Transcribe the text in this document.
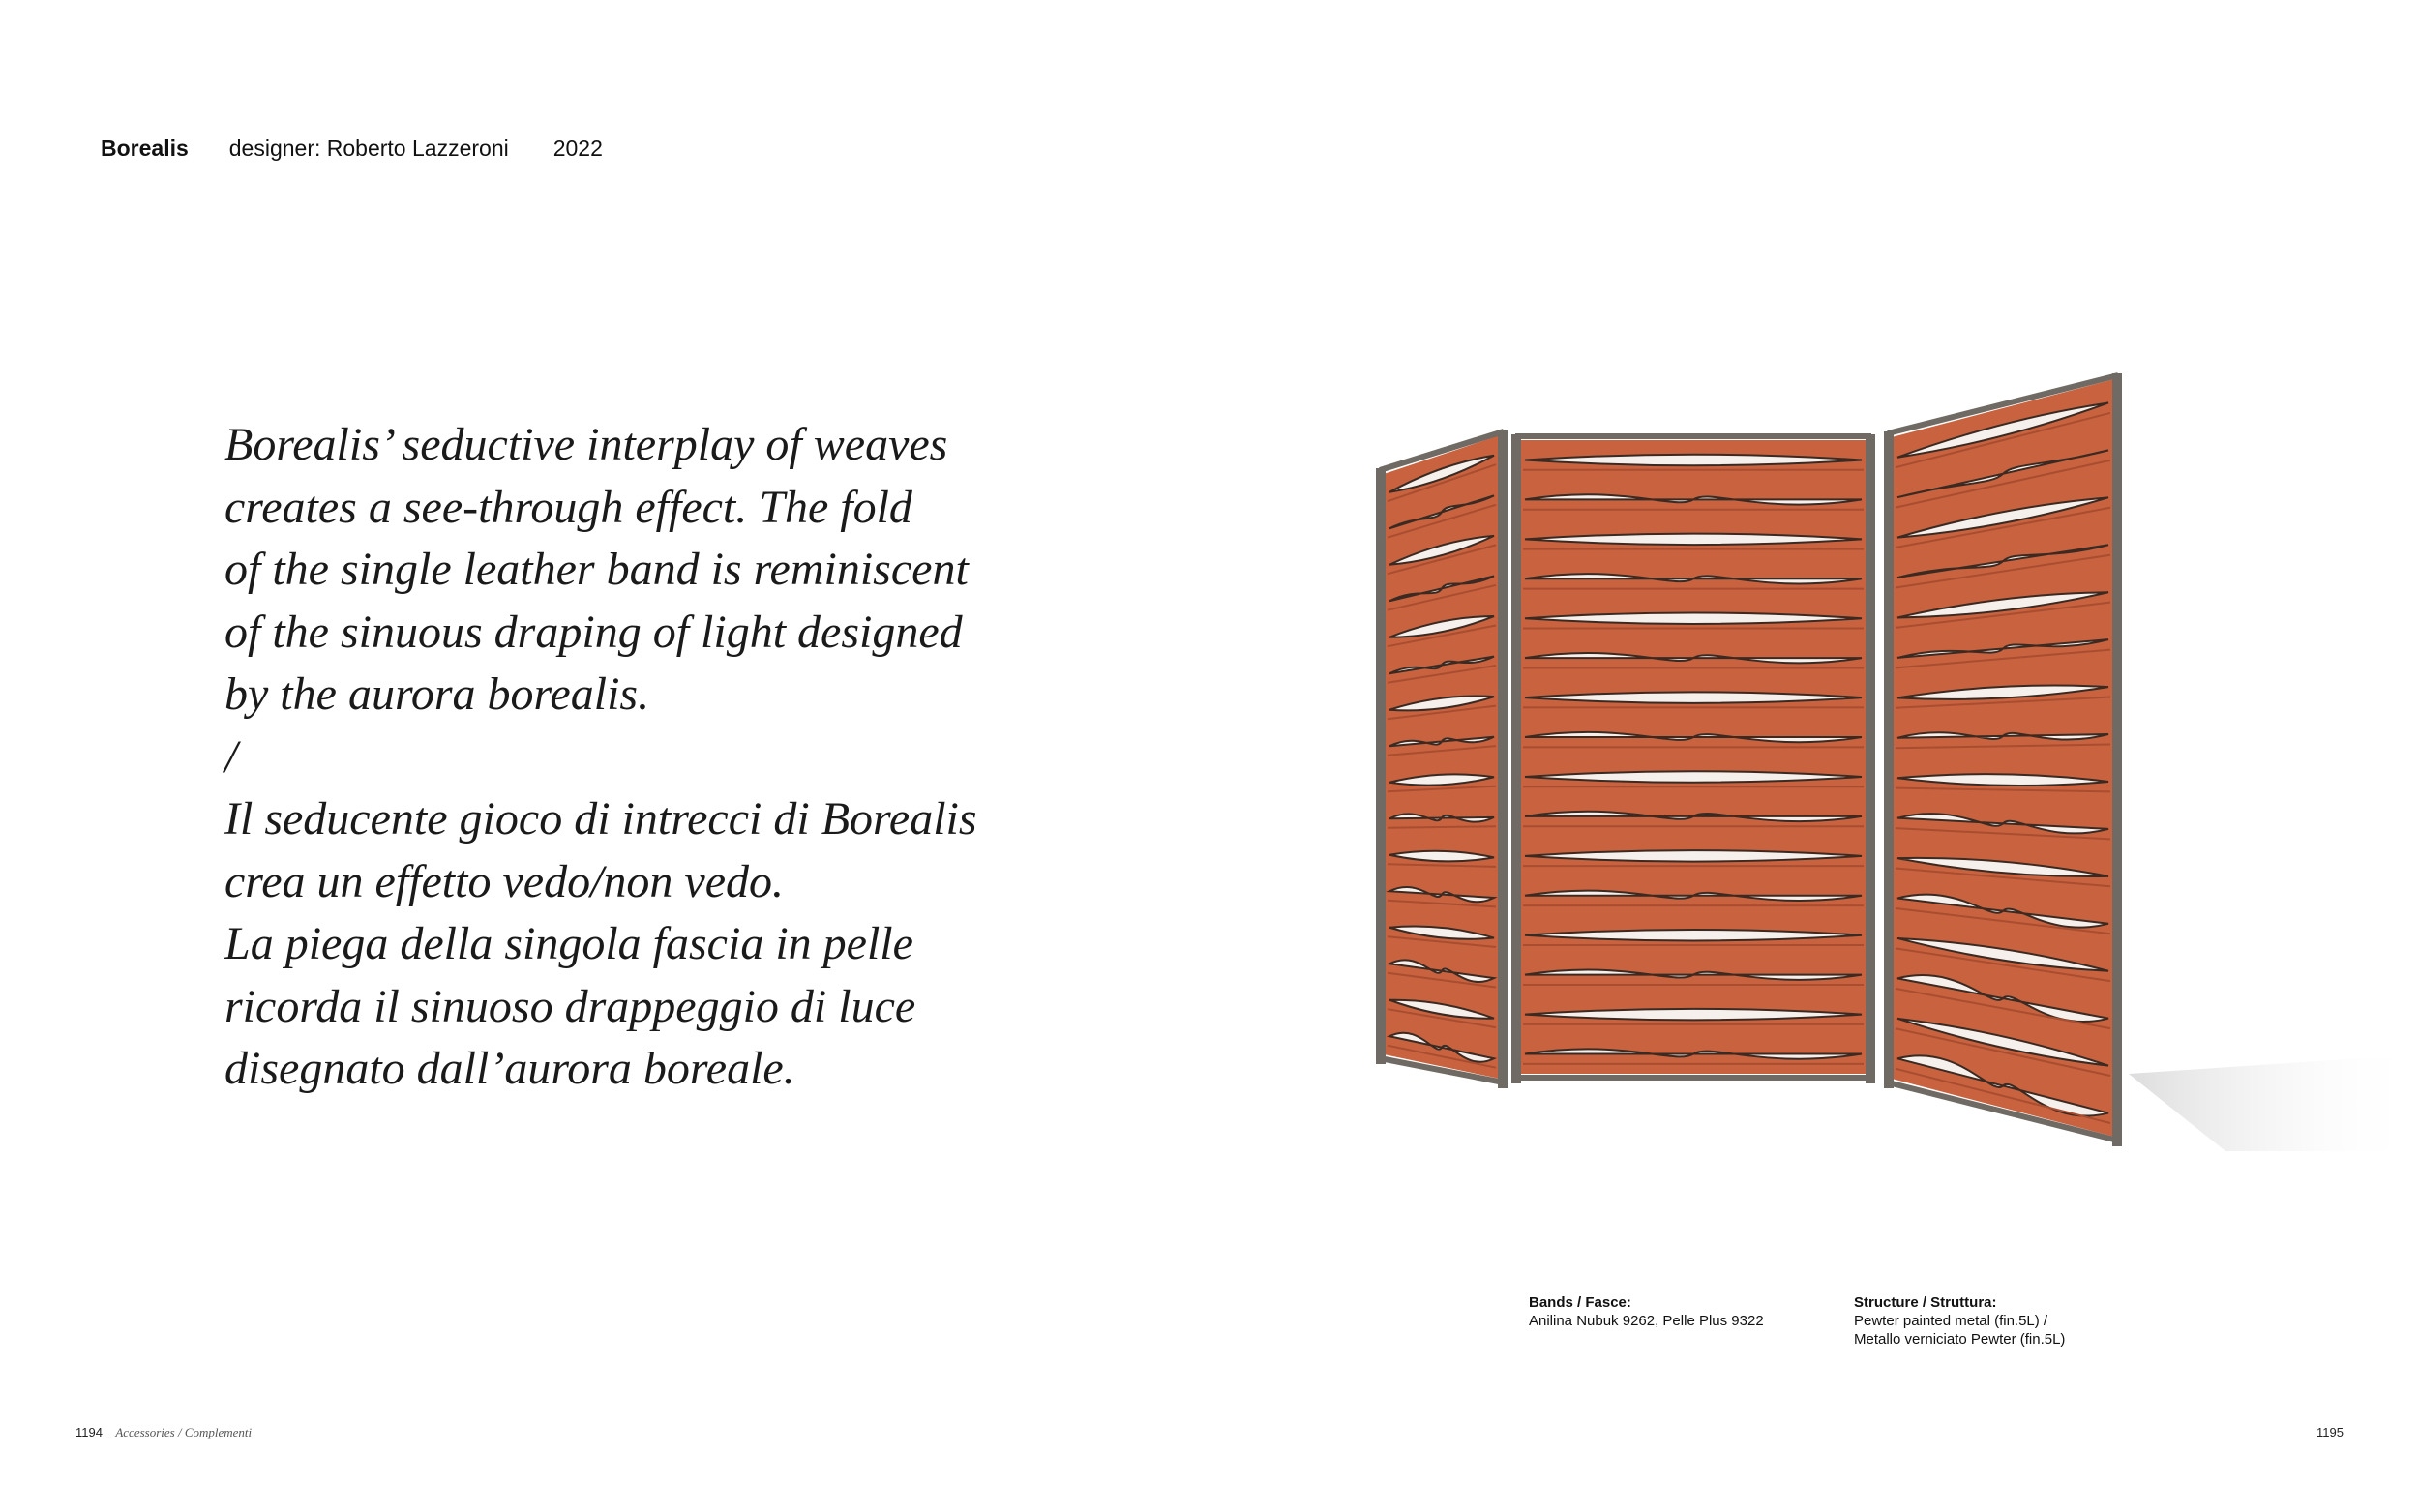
Borealis designer: Roberto Lazzeroni 2022

Borealis’ seductive interplay of weaves

creates a see-through effect. The fold

of the single leather band is reminiscent

of the sinuous draping of light designed

by the aurora borealis.

/

Il seducente gioco di intrecci di Borealis

crea un effetto vedo/non vedo.

La piega della singola fascia in pelle

ricorda il sinuoso drappeggio di luce

disegnato dall’aurora boreale.

Bands / Fasce:
Anilina Nubuk 9262, Pelle Plus 9322
Structure / Struttura:
Pewter painted metal (fin.5L) /
Metallo verniciato Pewter (fin.5L)
1194 _ Accessories / Complementi	1195
